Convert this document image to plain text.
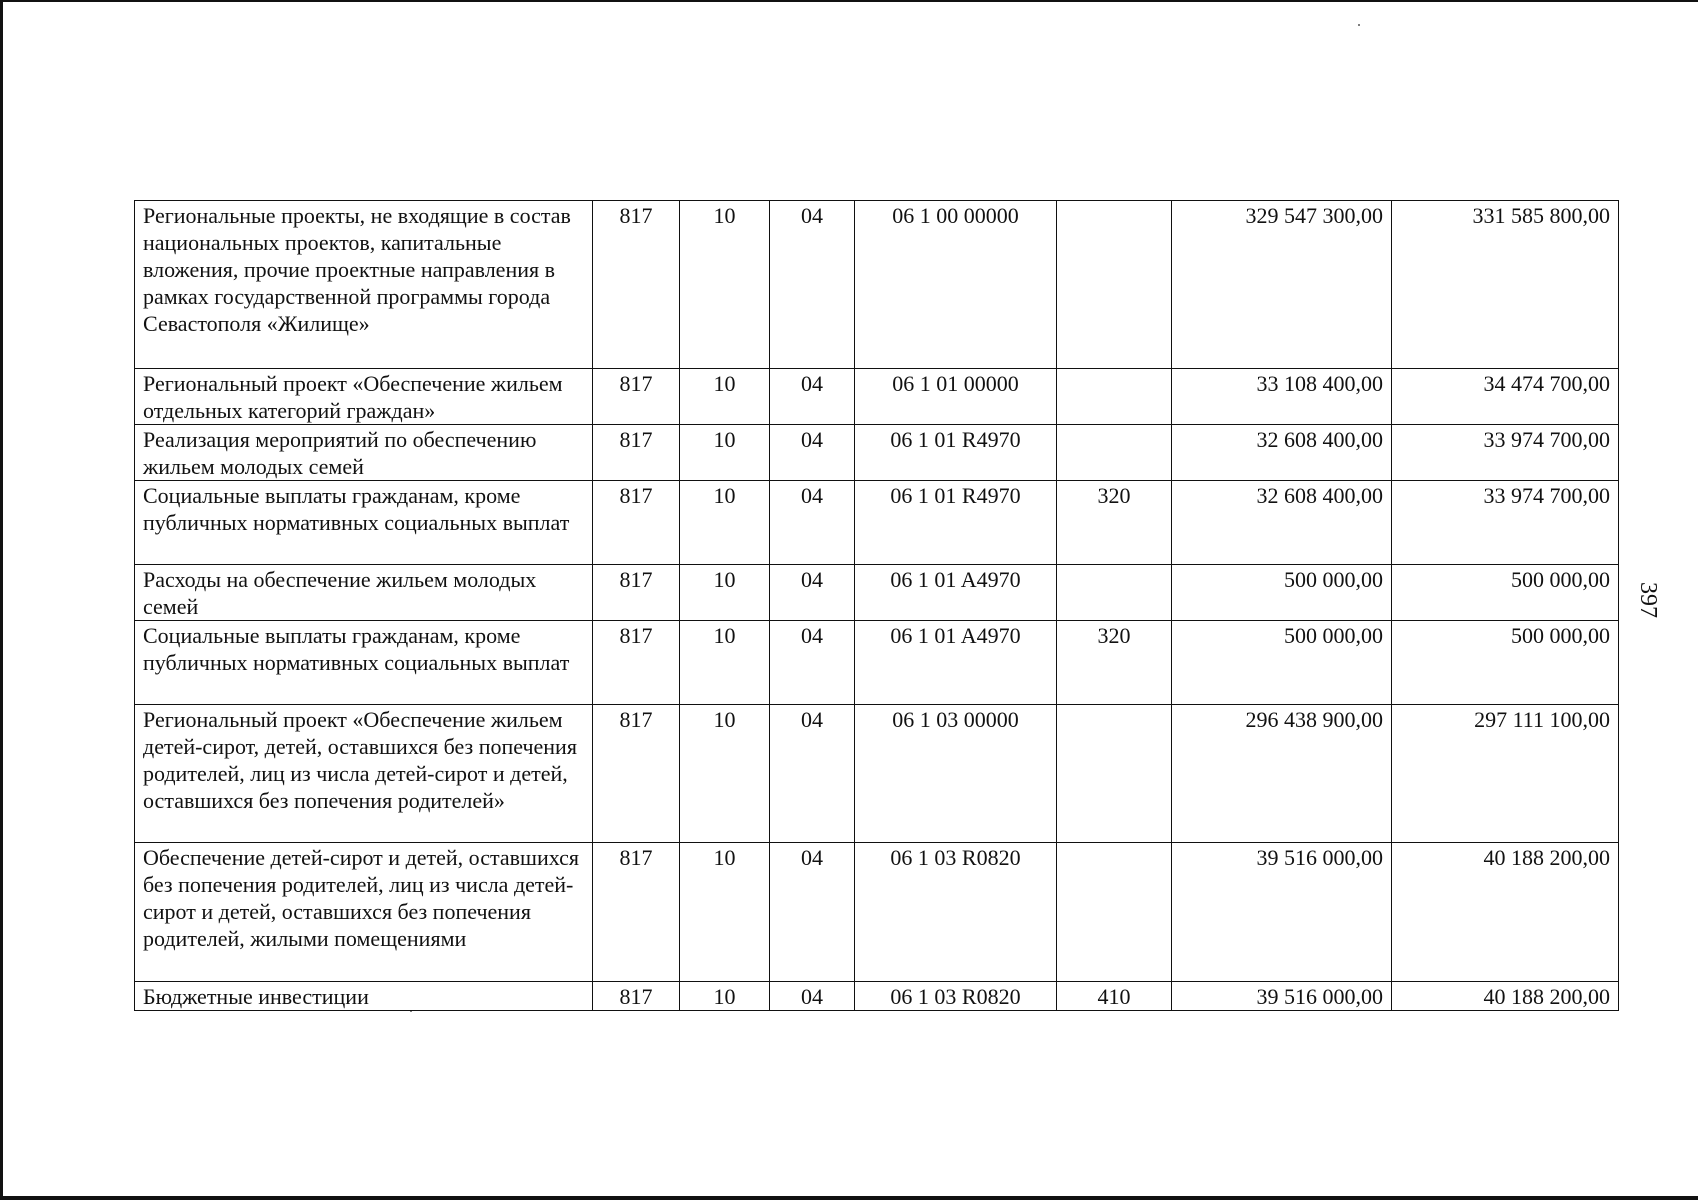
397
Региональные проекты, не входящие в состав национальных проектов, капитальные вложения, прочие проектные направления в рамках государственной программы города Севастополя «Жилище»	817	10	04	06 1 00 00000		329 547 300,00	331 585 800,00
Региональный проект «Обеспечение жильем отдельных категорий граждан»	817	10	04	06 1 01 00000		33 108 400,00	34 474 700,00
Реализация мероприятий по обеспечению жильем молодых семей	817	10	04	06 1 01 R4970		32 608 400,00	33 974 700,00
Социальные выплаты гражданам, кроме публичных нормативных социальных выплат	817	10	04	06 1 01 R4970	320	32 608 400,00	33 974 700,00
Расходы на обеспечение жильем молодых семей	817	10	04	06 1 01 A4970		500 000,00	500 000,00
Социальные выплаты гражданам, кроме публичных нормативных социальных выплат	817	10	04	06 1 01 A4970	320	500 000,00	500 000,00
Региональный проект «Обеспечение жильем детей-сирот, детей, оставшихся без попечения родителей, лиц из числа детей-сирот и детей, оставшихся без попечения родителей»	817	10	04	06 1 03 00000		296 438 900,00	297 111 100,00
Обеспечение детей-сирот и детей, оставшихся без попечения родителей, лиц из числа детей-сирот и детей, оставшихся без попечения родителей, жилыми помещениями	817	10	04	06 1 03 R0820		39 516 000,00	40 188 200,00
Бюджетные инвестиции	817	10	04	06 1 03 R0820	410	39 516 000,00	40 188 200,00
